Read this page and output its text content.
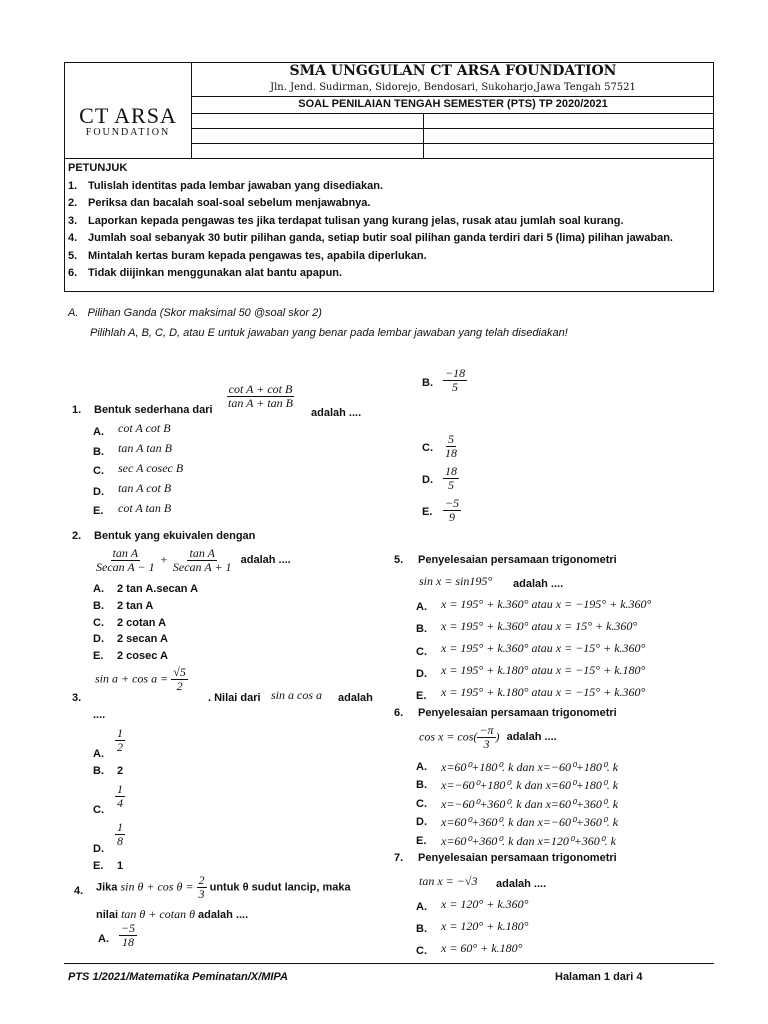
CT ARSA
FOUNDATION
SMA UNGGULAN CT ARSA FOUNDATION
Jln. Jend. Sudirman, Sidorejo, Bendosari, Sukoharjo,Jawa Tengah 57521
SOAL PENILAIAN TENGAH SEMESTER (PTS) TP 2020/2021
PETUNJUK
1. Tulislah identitas pada lembar jawaban yang disediakan.
2. Periksa dan bacalah soal-soal sebelum menjawabnya.
3. Laporkan kepada pengawas tes jika terdapat tulisan yang kurang jelas, rusak atau jumlah soal kurang.
4. Jumlah soal sebanyak 30 butir pilihan ganda, setiap butir soal pilihan ganda terdiri dari 5 (lima) pilihan jawaban.
5. Mintalah kertas buram kepada pengawas tes, apabila diperlukan.
6. Tidak diijinkan menggunakan alat bantu apapun.
A.   Pilihan Ganda (Skor maksimal 50 @soal skor 2)
Pilihlah A, B, C, D, atau E untuk jawaban yang benar pada lembar jawaban yang telah disediakan!
1. Bentuk sederhana dari $\frac{\text{cot A + cot B}}{\text{tan A + tan B}}$
adalah ....
A. cot A cot B
B. tan A tan B
C. sec A cosec B
D. tan A cot B
E. cot A tan B
2. Bentuk yang ekuivalen dengan
$\frac{\text{tan A}}{\text{Secan A − 1}} + \frac{\text{tan A}}{\text{Secan A + 1}}$ adalah ....
A. 2 tan A.secan A
B. 2 tan A
C. 2 cotan A
D. 2 secan A
E. 2 cosec A
3.
$\sin a + \cos a = \frac{√5}{2}$
. Nilai dari sin a cos a adalah
....
A. $\frac{1}{2}$
B. 2
C. $\frac{1}{4}$
D.
$\frac{1}{8}$
E. 1
4. Jika $\sin \theta + \cos \theta = \frac{2}{3}$ untuk θ sudut lancip, maka
nilai tan θ + cotan θ adalah ....
A. $\frac{-5}{18}$
B. $\frac{-18}{5}$
C. $\frac{5}{18}$
D. $\frac{18}{5}$
E. $\frac{-5}{9}$
5. Penyelesaian persamaan trigonometri
sin x = sin195° adalah ....
A. x = 195° + k.360° atau x = −195° + k.360°
B. x = 195° + k.360° atau x = 15° + k.360°
C. x = 195° + k.360° atau x = −15° + k.360°
D. x = 195° + k.180° atau x = −15° + k.180°
E. x = 195° + k.180° atau x = −15° + k.360°
6. Penyelesaian persamaan trigonometri
$\cos x = \cos( \frac{-\pi}{3}$ ) adalah ....
A. x=60⁰+180⁰. k dan x=−60⁰+180⁰. k
B. x=−60⁰+180⁰. k dan x=60⁰+180⁰. k
C. x=−60⁰+360⁰. k dan x=60⁰+360⁰. k
D. x=60⁰+360⁰. k dan x=−60⁰+360⁰. k
E. x=60⁰+360⁰. k dan x=120⁰+360⁰. k
7. Penyelesaian persamaan trigonometri
tan x = −√3 adalah ....
A. x = 120° + k.360°
B. x = 120° + k.180°
C. x = 60° + k.180°
PTS 1/2021/Matematika Peminatan/X/MIPA	Halaman 1 dari 4
